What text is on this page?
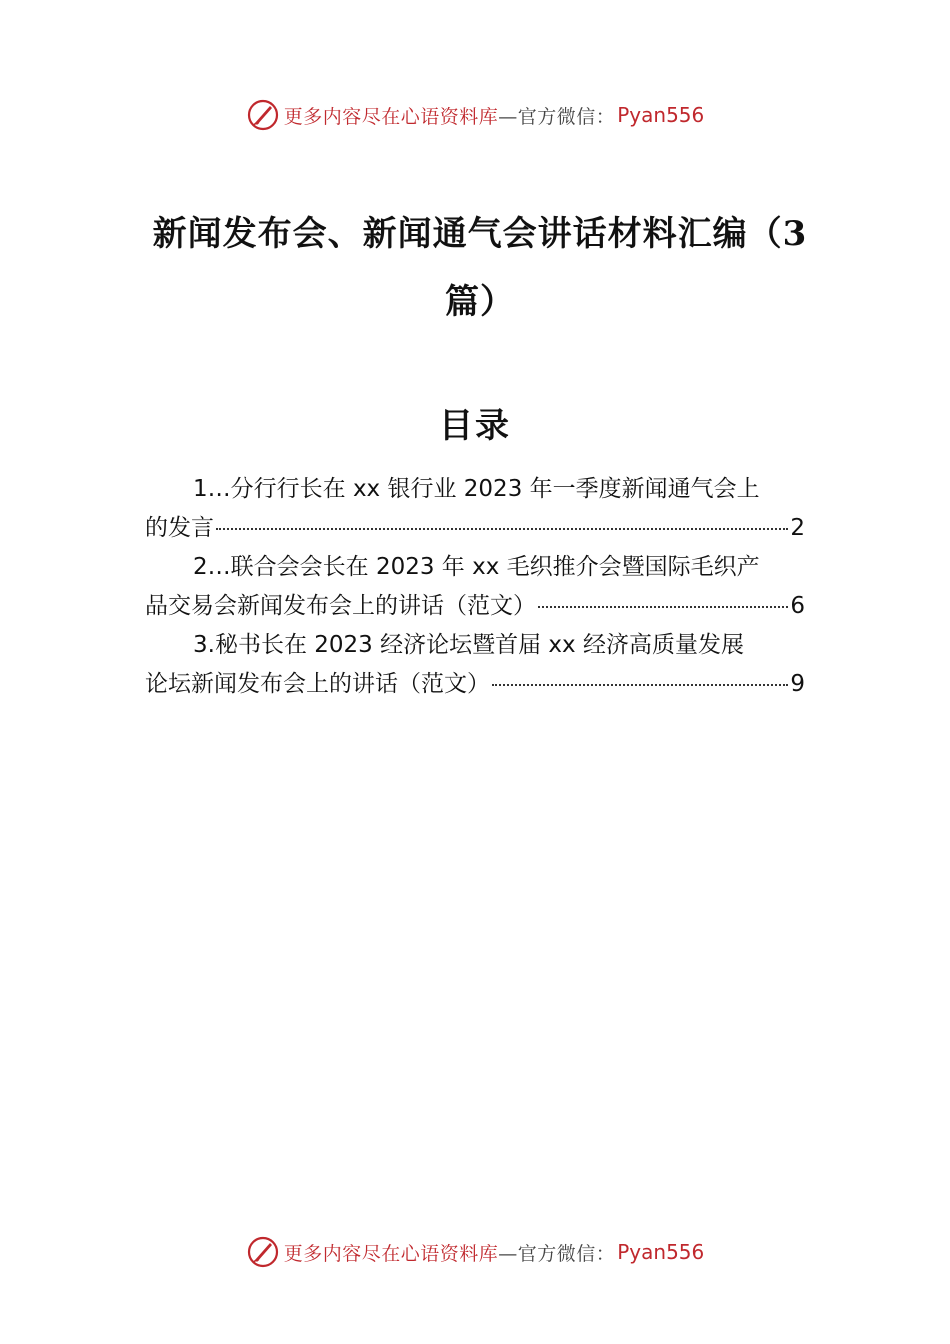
更多内容尽在心语资料库 —官方微信： Pyan556
新闻发布会、新闻通气会讲话材料汇编（3篇）
目录
1…分行行长在 xx 银行业 2023 年一季度新闻通气会上
的发言	2
2…联合会会长在 2023 年 xx 毛织推介会暨国际毛织产
品交易会新闻发布会上的讲话（范文）	6
3.秘书长在 2023 经济论坛暨首届 xx 经济高质量发展
论坛新闻发布会上的讲话（范文）	9
更多内容尽在心语资料库 —官方微信： Pyan556
